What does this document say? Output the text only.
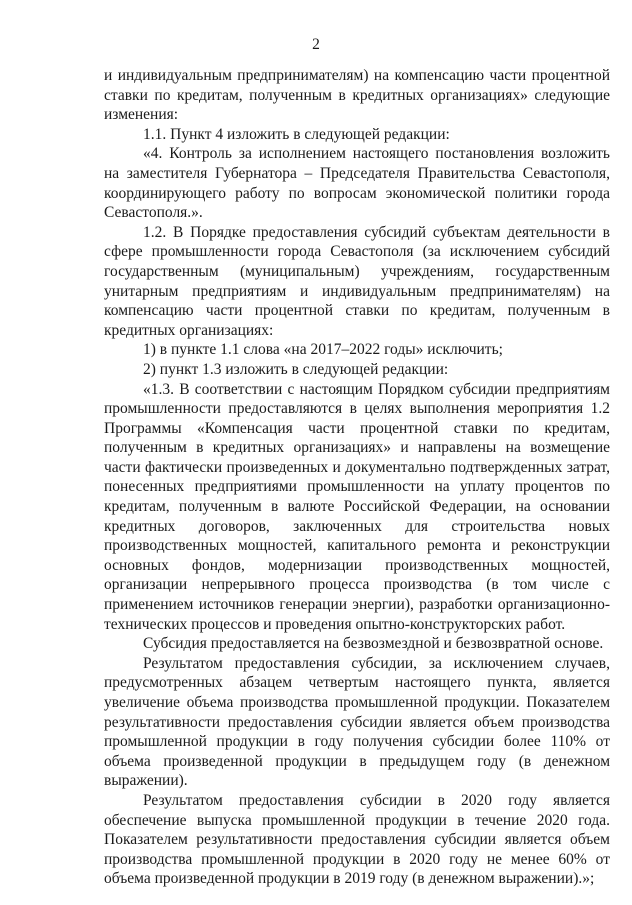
2

и индивидуальным предпринимателям) на компенсацию части процентной ставки по кредитам, полученным в кредитных организациях» следующие изменения:

1.1. Пункт 4 изложить в следующей редакции:

«4. Контроль за исполнением настоящего постановления возложить на заместителя Губернатора – Председателя Правительства Севастополя, координирующего работу по вопросам экономической политики города Севастополя.».

1.2. В Порядке предоставления субсидий субъектам деятельности в сфере промышленности города Севастополя (за исключением субсидий государственным (муниципальным) учреждениям, государственным унитарным предприятиям и индивидуальным предпринимателям) на компенсацию части процентной ставки по кредитам, полученным в кредитных организациях:

1) в пункте 1.1 слова «на 2017–2022 годы» исключить;

2) пункт 1.3 изложить в следующей редакции:

«1.3. В соответствии с настоящим Порядком субсидии предприятиям промышленности предоставляются в целях выполнения мероприятия 1.2 Программы «Компенсация части процентной ставки по кредитам, полученным в кредитных организациях» и направлены на возмещение части фактически произведенных и документально подтвержденных затрат, понесенных предприятиями промышленности на уплату процентов по кредитам, полученным в валюте Российской Федерации, на основании кредитных договоров, заключенных для строительства новых производственных мощностей, капитального ремонта и реконструкции основных фондов, модернизации производственных мощностей, организации непрерывного процесса производства (в том числе с применением источников генерации энергии), разработки организационно-технических процессов и проведения опытно-конструкторских работ.

Субсидия предоставляется на безвозмездной и безвозвратной основе.

Результатом предоставления субсидии, за исключением случаев, предусмотренных абзацем четвертым настоящего пункта, является увеличение объема производства промышленной продукции. Показателем результативности предоставления субсидии является объем производства промышленной продукции в году получения субсидии более 110% от объема произведенной продукции в предыдущем году (в денежном выражении).

Результатом предоставления субсидии в 2020 году является обеспечение выпуска промышленной продукции в течение 2020 года. Показателем результативности предоставления субсидии является объем производства промышленной продукции в 2020 году не менее 60% от объема произведенной продукции в 2019 году (в денежном выражении).»;
